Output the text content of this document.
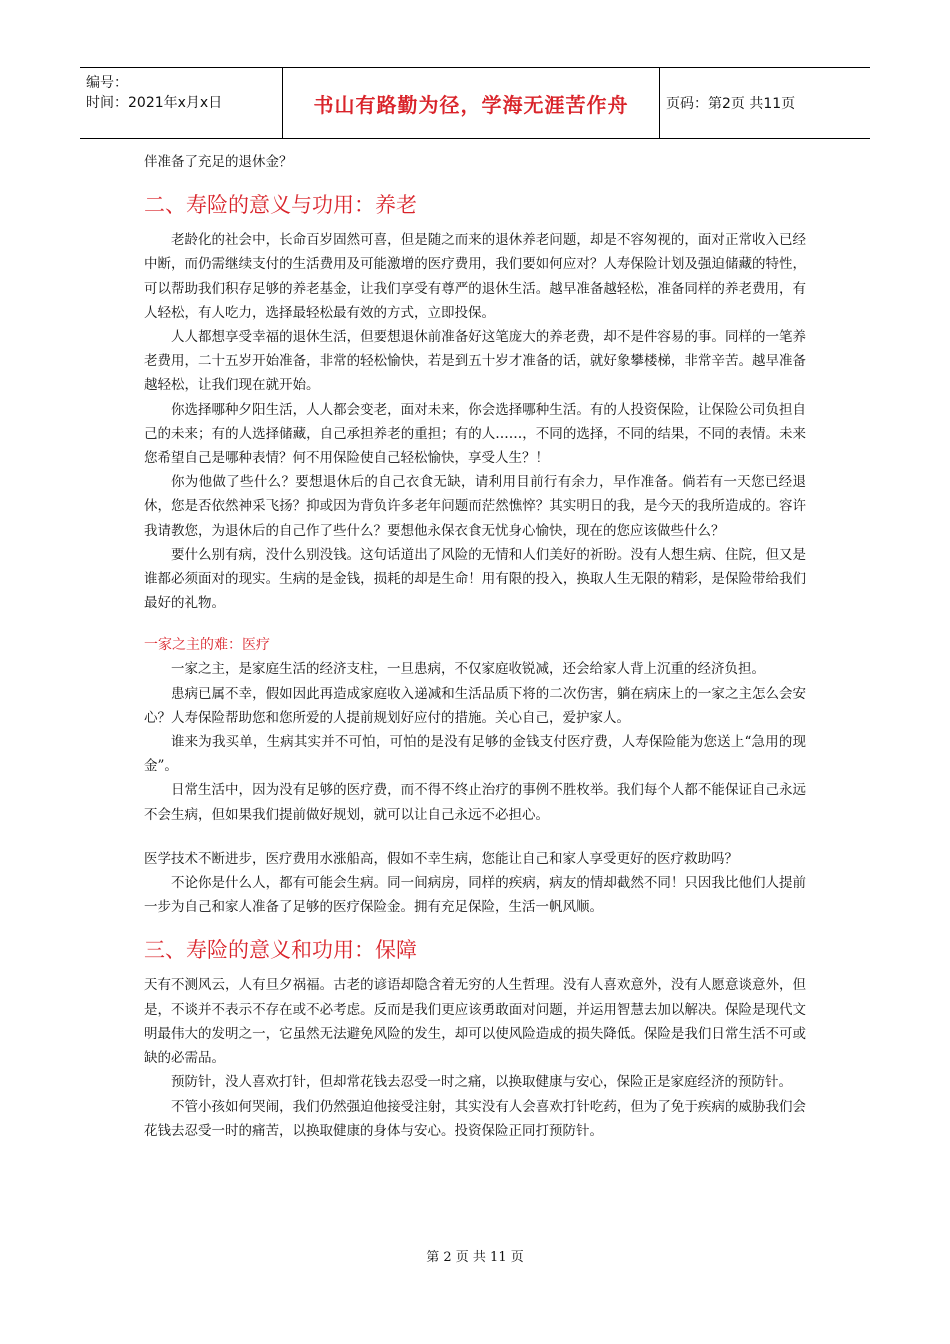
编号：
时间：2021年x月x日	书山有路勤为径，学海无涯苦作舟	页码：第2页 共11页

伴准备了充足的退休金？

二、寿险的意义与功用：养老

老龄化的社会中，长命百岁固然可喜，但是随之而来的退休养老问题，却是不容匆视的，面对正常收入已经中断，而仍需继续支付的生活费用及可能激增的医疗费用，我们要如何应对？人寿保险计划及强迫储藏的特性，可以帮助我们积存足够的养老基金，让我们享受有尊严的退休生活。越早准备越轻松，准备同样的养老费用，有人轻松，有人吃力，选择最轻松最有效的方式，立即投保。

人人都想享受幸福的退休生活，但要想退休前准备好这笔庞大的养老费，却不是件容易的事。同样的一笔养老费用，二十五岁开始准备，非常的轻松愉快，若是到五十岁才准备的话，就好象攀楼梯，非常辛苦。越早准备越轻松，让我们现在就开始。

你选择哪种夕阳生活，人人都会变老，面对未来，你会选择哪种生活。有的人投资保险，让保险公司负担自己的未来；有的人选择储藏，自己承担养老的重担；有的人……，不同的选择，不同的结果，不同的表情。未来您希望自己是哪种表情？何不用保险使自己轻松愉快，享受人生？！

你为他做了些什么？要想退休后的自己衣食无缺，请利用目前行有余力，早作准备。倘若有一天您已经退休，您是否依然神采飞扬？抑或因为背负许多老年问题而茫然憔悴？其实明日的我，是今天的我所造成的。容许我请教您，为退休后的自己作了些什么？要想他永保衣食无忧身心愉快，现在的您应该做些什么？

要什么别有病，没什么别没钱。这句话道出了风险的无情和人们美好的祈盼。没有人想生病、住院，但又是谁都必须面对的现实。生病的是金钱，损耗的却是生命！用有限的投入，换取人生无限的精彩，是保险带给我们最好的礼物。

一家之主的难：医疗

一家之主，是家庭生活的经济支柱，一旦患病，不仅家庭收锐减，还会给家人背上沉重的经济负担。

患病已属不幸，假如因此再造成家庭收入递减和生活品质下将的二次伤害，躺在病床上的一家之主怎么会安心？人寿保险帮助您和您所爱的人提前规划好应付的措施。关心自己，爱护家人。

谁来为我买单，生病其实并不可怕，可怕的是没有足够的金钱支付医疗费，人寿保险能为您送上“急用的现金”。

日常生活中，因为没有足够的医疗费，而不得不终止治疗的事例不胜枚举。我们每个人都不能保证自己永远不会生病，但如果我们提前做好规划，就可以让自己永远不必担心。

医学技术不断进步，医疗费用水涨船高，假如不幸生病，您能让自己和家人享受更好的医疗救助吗？

不论你是什么人，都有可能会生病。同一间病房，同样的疾病，病友的情却截然不同！只因我比他们人提前一步为自己和家人准备了足够的医疗保险金。拥有充足保险，生活一帆风顺。

三、寿险的意义和功用：保障

天有不测风云，人有旦夕祸福。古老的谚语却隐含着无穷的人生哲理。没有人喜欢意外，没有人愿意谈意外，但是，不谈并不表示不存在或不必考虑。反而是我们更应该勇敢面对问题，并运用智慧去加以解决。保险是现代文明最伟大的发明之一，它虽然无法避免风险的发生，却可以使风险造成的损失降低。保险是我们日常生活不可或缺的必需品。

预防针，没人喜欢打针，但却常花钱去忍受一时之痛，以换取健康与安心，保险正是家庭经济的预防针。

不管小孩如何哭闹，我们仍然强迫他接受注射，其实没有人会喜欢打针吃药，但为了免于疾病的威胁我们会花钱去忍受一时的痛苦，以换取健康的身体与安心。投资保险正同打预防针。

第 2 页 共 11 页
